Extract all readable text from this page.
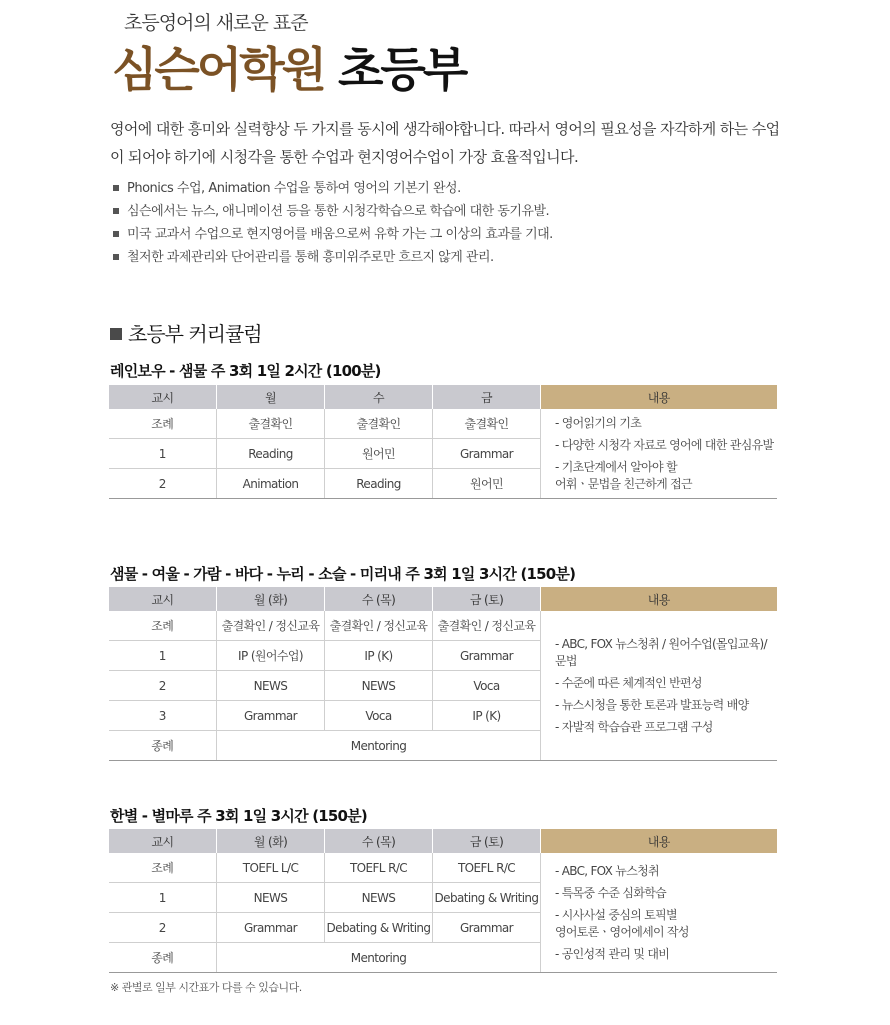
초등영어의 새로운 표준
심슨어학원 초등부
영어에 대한 흥미와 실력향상 두 가지를 동시에 생각해야합니다. 따라서 영어의 필요성을 자각하게 하는 수업이 되어야 하기에 시청각을 통한 수업과 현지영어수업이 가장 효율적입니다.
Phonics 수업, Animation 수업을 통하여 영어의 기본기 완성.
심슨에서는 뉴스, 애니메이션 등을 통한 시청각학습으로 학습에 대한 동기유발.
미국 교과서 수업으로 현지영어를 배움으로써 유학 가는 그 이상의 효과를 기대.
철저한 과제관리와 단어관리를 통해 흥미위주로만 흐르지 않게 관리.
초등부 커리큘럼
레인보우 - 샘물 주 3회 1일 2시간 (100분)
교시	월	수	금	내용
조례	출결확인	출결확인	출결확인	- 영어읽기의 기초
- 다양한 시청각 자료로 영어에 대한 관심유발
- 기초단계에서 알아야 할
어휘ㆍ문법을 친근하게 접근

1	Reading	원어민	Grammar	
2	Animation	Reading	원어민	
샘물 - 여울 - 가람 - 바다 - 누리 - 소슬 - 미리내 주 3회 1일 3시간 (150분)
교시	월 (화)	수 (목)	금 (토)	내용
조례	출결확인 / 정신교육	출결확인 / 정신교육	출결확인 / 정신교육	- ABC, FOX 뉴스청취 / 원어수업(몰입교육)/문법
- 수준에 따른 체계적인 반편성
- 뉴스시청을 통한 토론과 발표능력 배양
- 자발적 학습습관 프로그램 구성

1	IP (원어수업)	IP (K)	Grammar	
2	NEWS	NEWS	Voca	
3	Grammar	Voca	IP (K)	
종례	Mentoring			
한별 - 별마루 주 3회 1일 3시간 (150분)
교시	월 (화)	수 (목)	금 (토)	내용
조례	TOEFL L/C	TOEFL R/C	TOEFL R/C	- ABC, FOX 뉴스청취
- 특목중 수준 심화학습
- 시사사설 중심의 토픽별
영어토론ㆍ영어에세이 작성
- 공인성적 관리 및 대비

1	NEWS	NEWS	Debating & Writing	
2	Grammar	Debating & Writing	Grammar	
종례	Mentoring			
※ 관별로 일부 시간표가 다를 수 있습니다.
